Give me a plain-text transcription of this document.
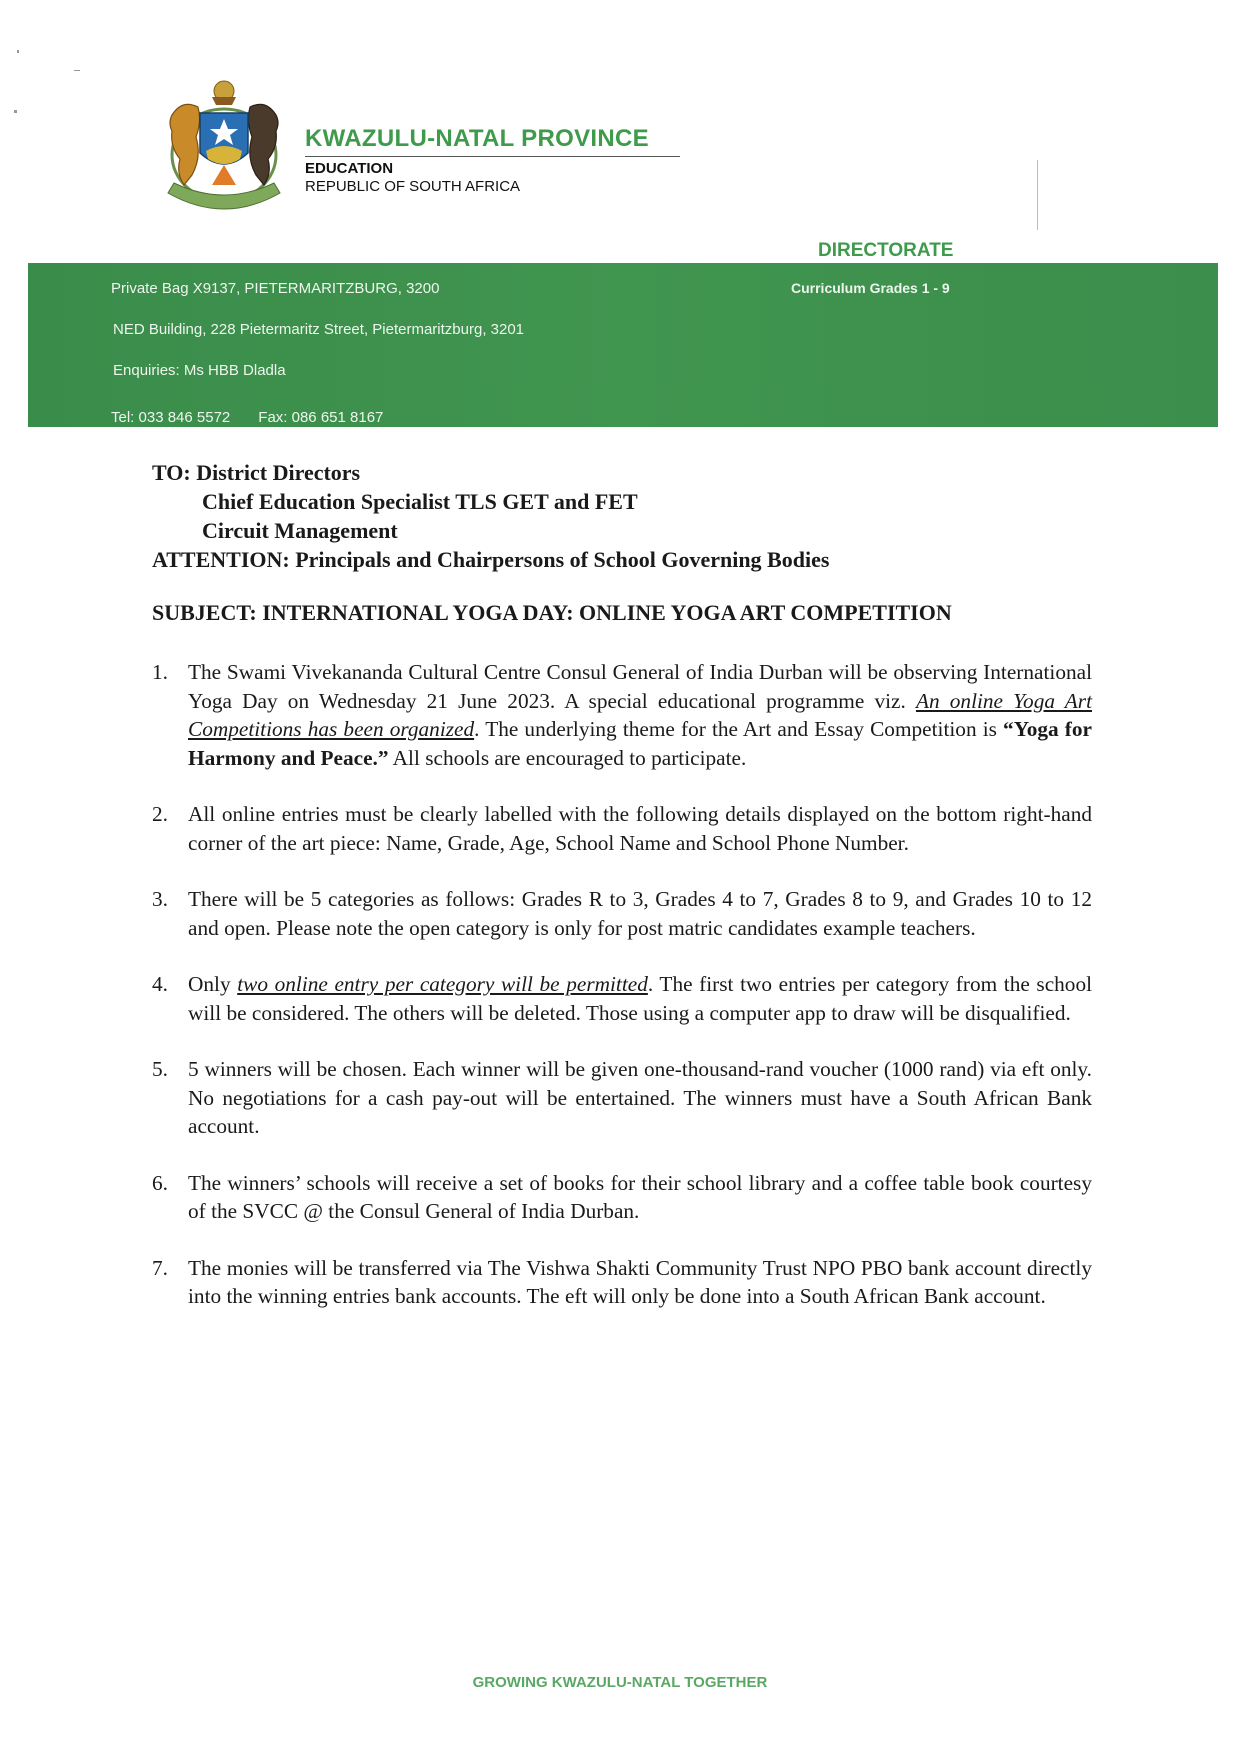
KWAZULU-NATAL PROVINCE
EDUCATION
REPUBLIC OF SOUTH AFRICA
DIRECTORATE
Private Bag X9137, PIETERMARITZBURG, 3200
NED Building, 228 Pietermaritz Street, Pietermaritzburg, 3201
Enquiries: Ms HBB Dladla
Tel: 033 846 5572 Fax: 086 651 8167
Curriculum Grades 1 - 9
TO: District Directors
Chief Education Specialist TLS GET and FET
Circuit Management
ATTENTION: Principals and Chairpersons of School Governing Bodies
SUBJECT: INTERNATIONAL YOGA DAY: ONLINE YOGA ART COMPETITION
1. The Swami Vivekananda Cultural Centre Consul General of India Durban will be observing International Yoga Day on Wednesday 21 June 2023. A special educational programme viz. An online Yoga Art Competitions has been organized. The underlying theme for the Art and Essay Competition is “Yoga for Harmony and Peace.” All schools are encouraged to participate.
2. All online entries must be clearly labelled with the following details displayed on the bottom right-hand corner of the art piece: Name, Grade, Age, School Name and School Phone Number.
3. There will be 5 categories as follows: Grades R to 3, Grades 4 to 7, Grades 8 to 9, and Grades 10 to 12 and open. Please note the open category is only for post matric candidates example teachers.
4. Only two online entry per category will be permitted. The first two entries per category from the school will be considered. The others will be deleted. Those using a computer app to draw will be disqualified.
5. 5 winners will be chosen. Each winner will be given one-thousand-rand voucher (1000 rand) via eft only. No negotiations for a cash pay-out will be entertained. The winners must have a South African Bank account.
6. The winners’ schools will receive a set of books for their school library and a coffee table book courtesy of the SVCC @ the Consul General of India Durban.
7. The monies will be transferred via The Vishwa Shakti Community Trust NPO PBO bank account directly into the winning entries bank accounts. The eft will only be done into a South African Bank account.
GROWING KWAZULU-NATAL TOGETHER
